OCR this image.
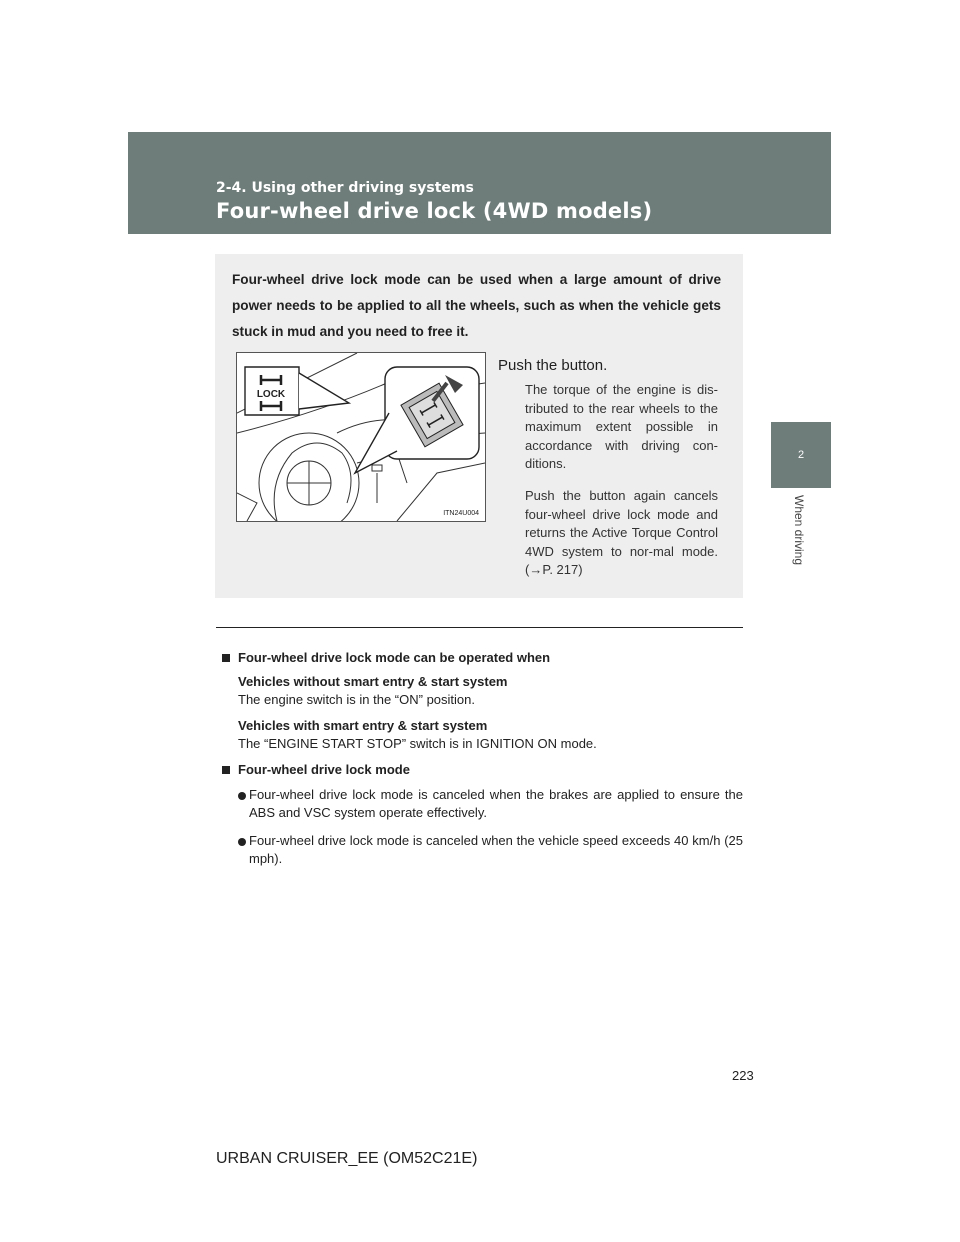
2-4. Using other driving systems
Four-wheel drive lock (4WD models)
2
When driving
Four-wheel drive lock mode can be used when a large amount of drive power needs to be applied to all the wheels, such as when the vehicle gets stuck in mud and you need to free it.
LOCK
ITN24U004
Push the button.
The torque of the engine is dis-tributed to the rear wheels to the maximum extent possible in accordance with driving con-ditions.
Push the button again cancels four-wheel drive lock mode and returns the Active Torque Control 4WD system to nor-mal mode. (→P. 217)
Four-wheel drive lock mode can be operated when
Vehicles without smart entry & start system
The engine switch is in the “ON” position.
Vehicles with smart entry & start system
The “ENGINE START STOP” switch is in IGNITION ON mode.
Four-wheel drive lock mode
Four-wheel drive lock mode is canceled when the brakes are applied to ensure the ABS and VSC system operate effectively.
Four-wheel drive lock mode is canceled when the vehicle speed exceeds 40 km/h (25 mph).
223
URBAN CRUISER_EE (OM52C21E)
